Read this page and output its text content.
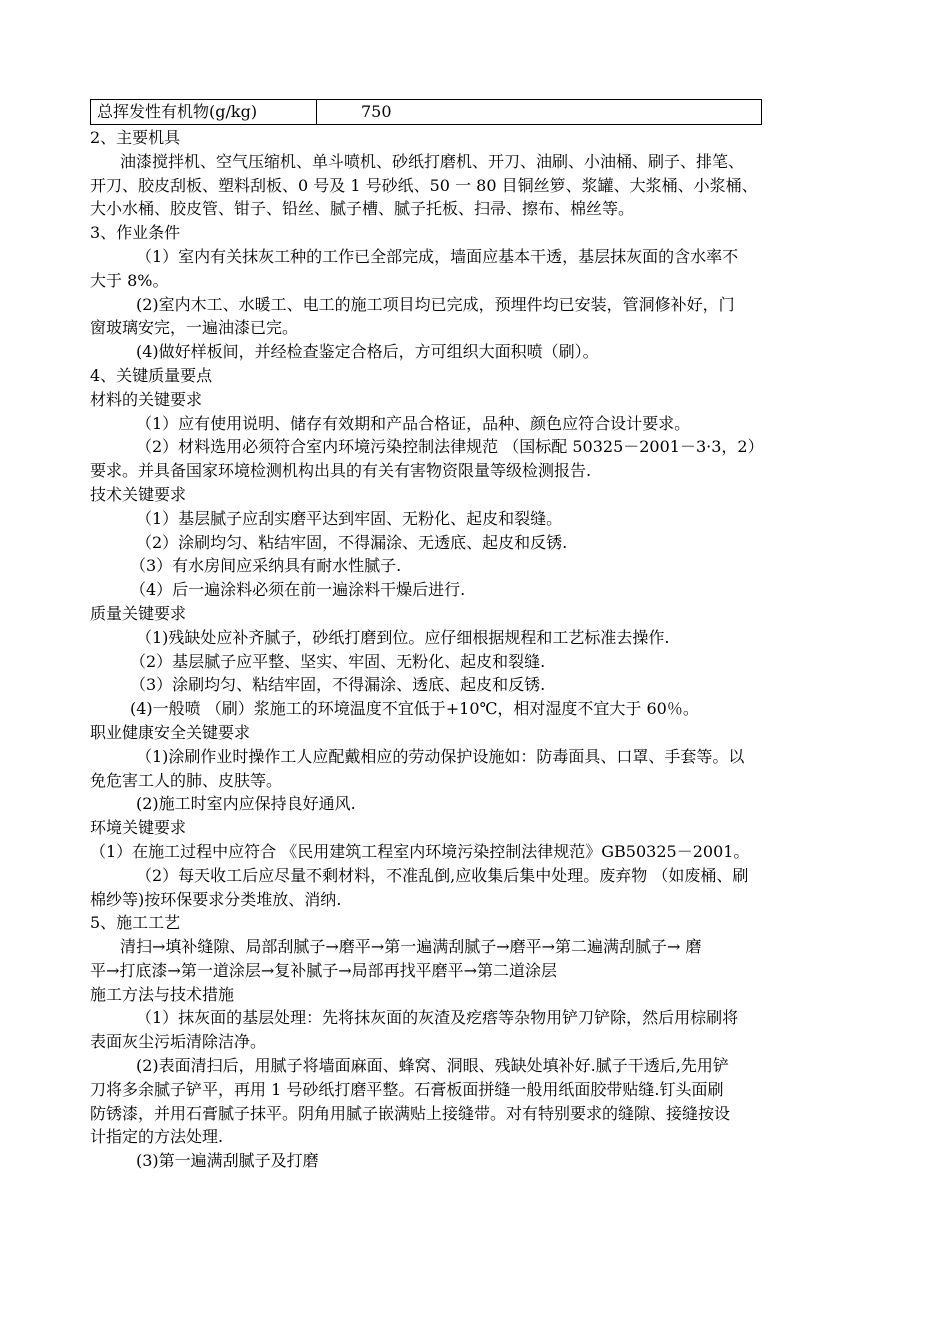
总挥发性有机物(g/kg)	750
2、主要机具
油漆搅拌机、空气压缩机、单斗喷机、砂纸打磨机、开刀、油刷、小油桶、刷子、排笔、
开刀、胶皮刮板、塑料刮板、0 号及 1 号砂纸、50 一 80 目铜丝箩、浆罐、大浆桶、小浆桶、
大小水桶、胶皮管、钳子、铅丝、腻子槽、腻子托板、扫帚、擦布、棉丝等。
3、作业条件
（1）室内有关抹灰工种的工作已全部完成，墙面应基本干透，基层抹灰面的含水率不
大于 8%。
(2)室内木工、水暖工、电工的施工项目均已完成，预埋件均已安装，管洞修补好，门
窗玻璃安完，一遍油漆已完。
(4)做好样板间，并经检查鉴定合格后，方可组织大面积喷（刷）。
4、关键质量要点
材料的关键要求
（1）应有使用说明、储存有效期和产品合格证，品种、颜色应符合设计要求。
（2）材料选用必须符合室内环境污染控制法律规范 （国标配 50325－2001－3·3，2）
要求。并具备国家环境检测机构出具的有关有害物资限量等级检测报告.
技术关键要求
（1）基层腻子应刮实磨平达到牢固、无粉化、起皮和裂缝。
（2）涂刷均匀、粘结牢固，不得漏涂、无透底、起皮和反锈.
（3）有水房间应采纳具有耐水性腻子.
（4）后一遍涂料必须在前一遍涂料干燥后进行.
质量关键要求
（1)残缺处应补齐腻子，砂纸打磨到位。应仔细根据规程和工艺标准去操作.
（2）基层腻子应平整、坚实、牢固、无粉化、起皮和裂缝.
（3）涂刷均匀、粘结牢固，不得漏涂、透底、起皮和反锈.
(4)一般喷 （刷）浆施工的环境温度不宜低于+10℃，相对湿度不宜大于 60％。
职业健康安全关键要求
（1)涂刷作业时操作工人应配戴相应的劳动保护设施如：防毒面具、口罩、手套等。以
免危害工人的肺、皮肤等。
(2)施工时室内应保持良好通风.
环境关键要求
（1）在施工过程中应符合 《民用建筑工程室内环境污染控制法律规范》GB50325－2001。
（2）每天收工后应尽量不剩材料，不准乱倒,应收集后集中处理。废弃物 （如废桶、刷
棉纱等)按环保要求分类堆放、消纳.
5、施工工艺
清扫→填补缝隙、局部刮腻子→磨平→第一遍满刮腻子→磨平→第二遍满刮腻子→ 磨
平→打底漆→第一道涂层→复补腻子→局部再找平磨平→第二道涂层
施工方法与技术措施
（1）抹灰面的基层处理：先将抹灰面的灰渣及疙瘩等杂物用铲刀铲除，然后用棕刷将
表面灰尘污垢清除洁净。
(2)表面清扫后，用腻子将墙面麻面、蜂窝、洞眼、残缺处填补好.腻子干透后,先用铲
刀将多余腻子铲平，再用 1 号砂纸打磨平整。石膏板面拼缝一般用纸面胶带贴缝.钉头面刷
防锈漆，并用石膏腻子抹平。阴角用腻子嵌满贴上接缝带。对有特别要求的缝隙、接缝按设
计指定的方法处理.
(3)第一遍满刮腻子及打磨
